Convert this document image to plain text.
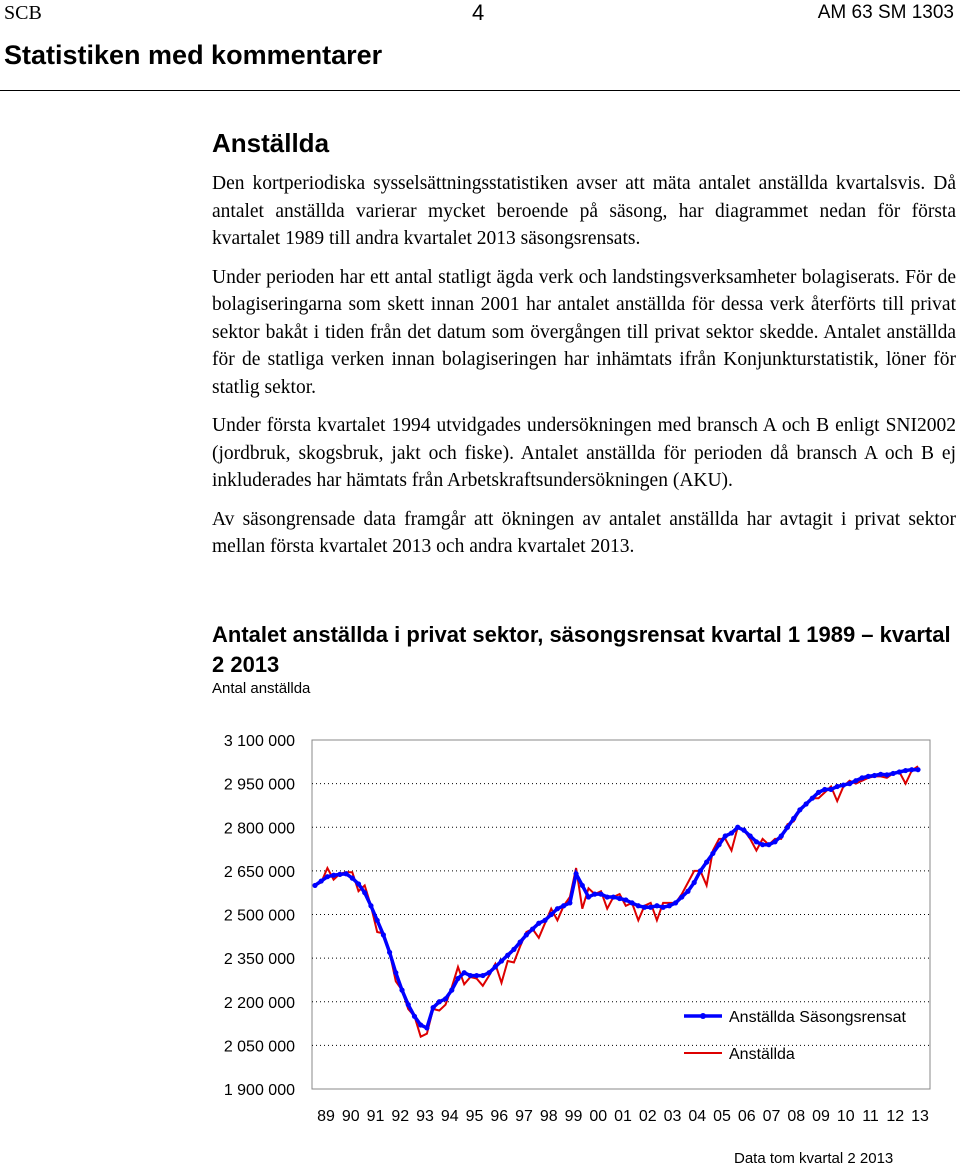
SCB	4	AM 63 SM 1303
Statistiken med kommentarer
Anställda

Den kortperiodiska sysselsättningsstatistiken avser att mäta antalet anställda kvartalsvis. Då antalet anställda varierar mycket beroende på säsong, har diagrammet nedan för första kvartalet 1989 till andra kvartalet 2013 säsongsrensats.

Under perioden har ett antal statligt ägda verk och landstingsverksamheter bolagiserats. För de bolagiseringarna som skett innan 2001 har antalet anställda för dessa verk återförts till privat sektor bakåt i tiden från det datum som övergången till privat sektor skedde. Antalet anställda för de statliga verken innan bolagiseringen har inhämtats ifrån Konjunkturstatistik, löner för statlig sektor.

Under första kvartalet 1994 utvidgades undersökningen med bransch A och B enligt SNI2002 (jordbruk, skogsbruk, jakt och fiske). Antalet anställda för perioden då bransch A och B ej inkluderades har hämtats från Arbetskraftsundersökningen (AKU).

Av säsongrensade data framgår att ökningen av antalet anställda har avtagit i privat sektor mellan första kvartalet 2013 och andra kvartalet 2013.

Antalet anställda i privat sektor, säsongsrensat kvartal 1 1989 – kvartal 2 2013
Antal anställda
1 900 000
2 050 000
2 200 000
2 350 000
2 500 000
2 650 000
2 800 000
2 950 000
3 100 000
89 90 91 92 93 94 95 96 97 98 99 00 01 02 03 04 05 06 07 08 09 10 11 12 13
Anställda Säsongsrensat
Anställda
Data tom kvartal 2 2013
